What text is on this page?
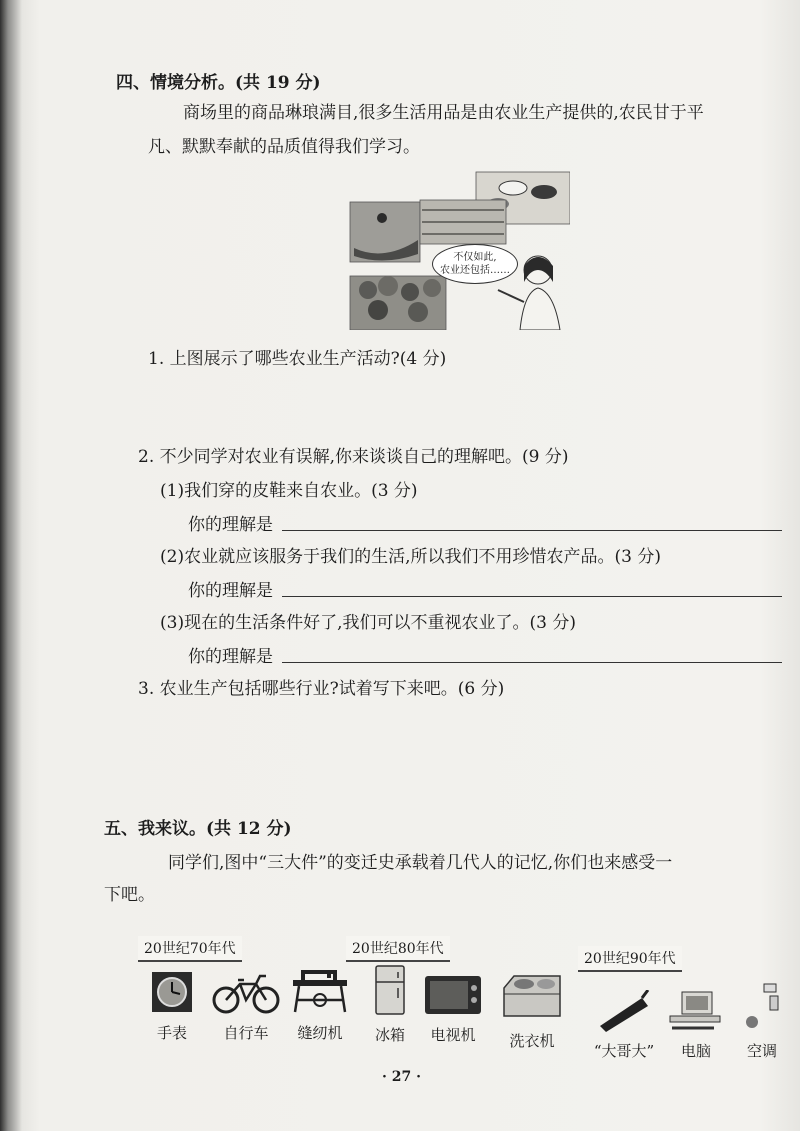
四、情境分析。(共 19 分)
商场里的商品琳琅满目,很多生活用品是由农业生产提供的,农民甘于平
凡、默默奉献的品质值得我们学习。
不仅如此,
农业还包括……
1. 上图展示了哪些农业生产活动?(4 分)
2. 不少同学对农业有误解,你来谈谈自己的理解吧。(9 分)
(1)我们穿的皮鞋来自农业。(3 分)
你的理解是
(2)农业就应该服务于我们的生活,所以我们不用珍惜农产品。(3 分)
你的理解是
(3)现在的生活条件好了,我们可以不重视农业了。(3 分)
你的理解是
3. 农业生产包括哪些行业?试着写下来吧。(6 分)
五、我来议。(共 12 分)
同学们,图中“三大件”的变迁史承载着几代人的记忆,你们也来感受一
下吧。
20世纪70年代	20世纪80年代
20世纪90年代
手表	自行车	缝纫机	冰箱	电视机	洗衣机
“大哥大”	电脑	空调
· 27 ·
